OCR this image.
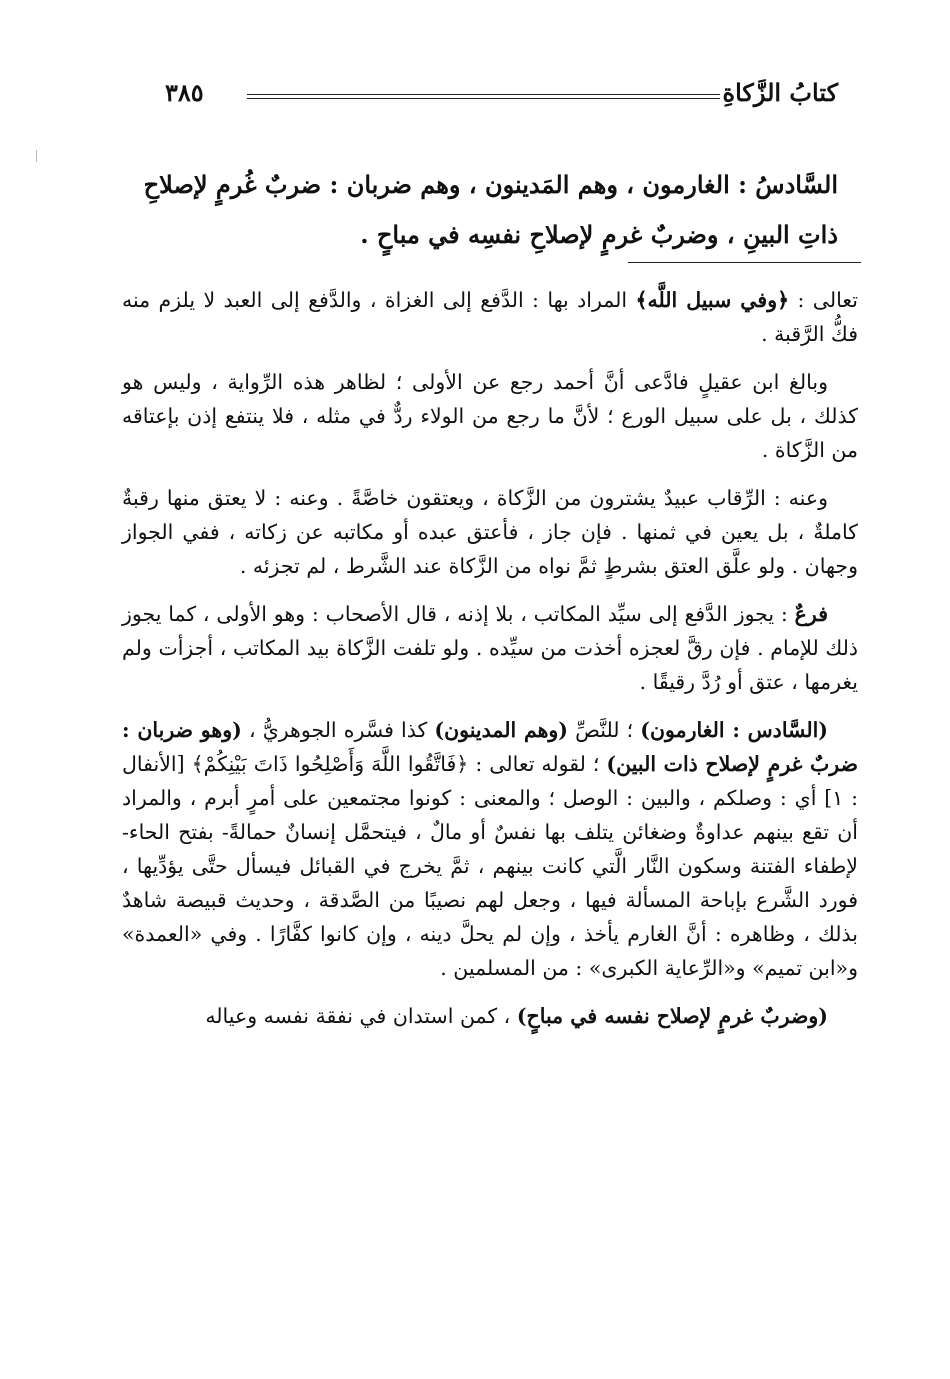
كتابُ الزَّكاةِ
٣٨٥
السَّادسُ : الغارمون ، وهم المَدينون ، وهم ضربان : ضربٌ غُرمٍ لإصلاحِ
ذاتِ البينِ ، وضربٌ غرمٍ لإصلاحِ نفسِه في مباحٍ .

تعالى : ﴿وفي سبيل اللَّه﴾ المراد بها : الدَّفع إلى الغزاة ، والدَّفع إلى العبد لا يلزم منه فكُّ الرَّقبة .

وبالغ ابن عقيلٍ فادَّعى أنَّ أحمد رجع عن الأولى ؛ لظاهر هذه الرِّواية ، وليس هو كذلك ، بل على سبيل الورع ؛ لأنَّ ما رجع من الولاء ردٌّ في مثله ، فلا ينتفع إذن بإعتاقه من الزَّكاة .

وعنه : الرِّقاب عبيدٌ يشترون من الزَّكاة ، ويعتقون خاصَّةً . وعنه : لا يعتق منها رقبةٌ كاملةٌ ، بل يعين في ثمنها . فإن جاز ، فأعتق عبده أو مكاتبه عن زكاته ، ففي الجواز وجهان . ولو علَّق العتق بشرطٍ ثمَّ نواه من الزَّكاة عند الشَّرط ، لم تجزئه .

فرعٌ : يجوز الدَّفع إلى سيِّد المكاتب ، بلا إذنه ، قال الأصحاب : وهو الأولى ، كما يجوز ذلك للإمام . فإن رقَّ لعجزه أخذت من سيِّده . ولو تلفت الزَّكاة بيد المكاتب ، أجزأت ولم يغرمها ، عتق أو رُدَّ رقيقًا .

(السَّادس : الغارمون) ؛ للنَّصِّ (وهم المدينون) كذا فسَّره الجوهريُّ ، (وهو ضربان : ضربٌ غرمٍ لإصلاح ذات البين) ؛ لقوله تعالى : ﴿فَاتَّقُوا اللَّهَ وَأَصْلِحُوا ذَاتَ بَيْنِكُمْ﴾ [الأنفال : ١] أي : وصلكم ، والبين : الوصل ؛ والمعنى : كونوا مجتمعين على أمرٍ أبرم ، والمراد أن تقع بينهم عداوةٌ وضغائن يتلف بها نفسٌ أو مالٌ ، فيتحمَّل إنسانٌ حمالةً- بفتح الحاء- لإطفاء الفتنة وسكون النَّار الَّتي كانت بينهم ، ثمَّ يخرج في القبائل فيسأل حتَّى يؤدِّيها ، فورد الشَّرع بإباحة المسألة فيها ، وجعل لهم نصيبًا من الصَّدقة ، وحديث قبيصة شاهدٌ بذلك ، وظاهره : أنَّ الغارم يأخذ ، وإن لم يحلَّ دينه ، وإن كانوا كفَّارًا . وفي «العمدة» و«ابن تميم» و«الرِّعاية الكبرى» : من المسلمين .

(وضربٌ غرمٍ لإصلاح نفسه في مباحٍ) ، كمن استدان في نفقة نفسه وعياله
